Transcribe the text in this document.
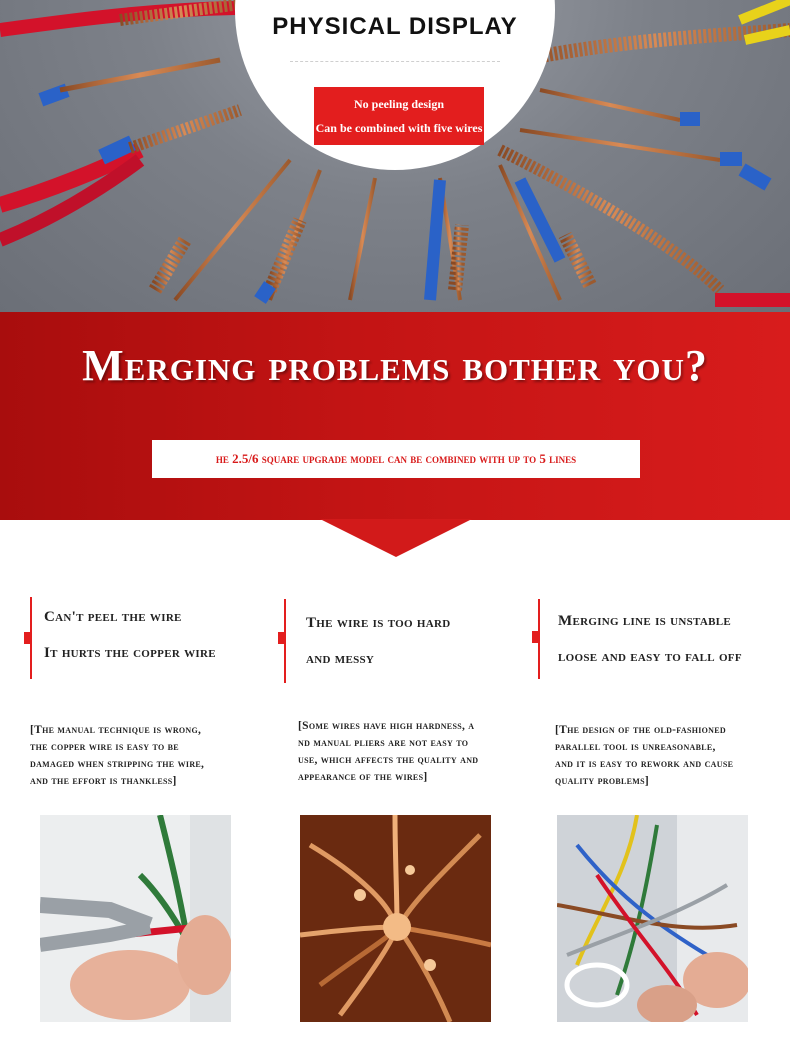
PHYSICAL DISPLAY
No peeling design
Can be combined with five wires
Merging problems bother you?
he 2.5/6 square upgrade model can be combined with up to 5 lines
Can't peel the wire
It hurts the copper wire
The wire is too hard
and messy
Merging line is unstable
loose and easy to fall off
[The manual technique is wrong,
the copper wire is easy to be
damaged when stripping the wire,
and the effort is thankless]
[Some wires have high hardness, a
nd manual pliers are not easy to
use, which affects the quality and
appearance of the wires]
[The design of the old-fashioned
parallel tool is unreasonable,
and it is easy to rework and cause
quality problems]
